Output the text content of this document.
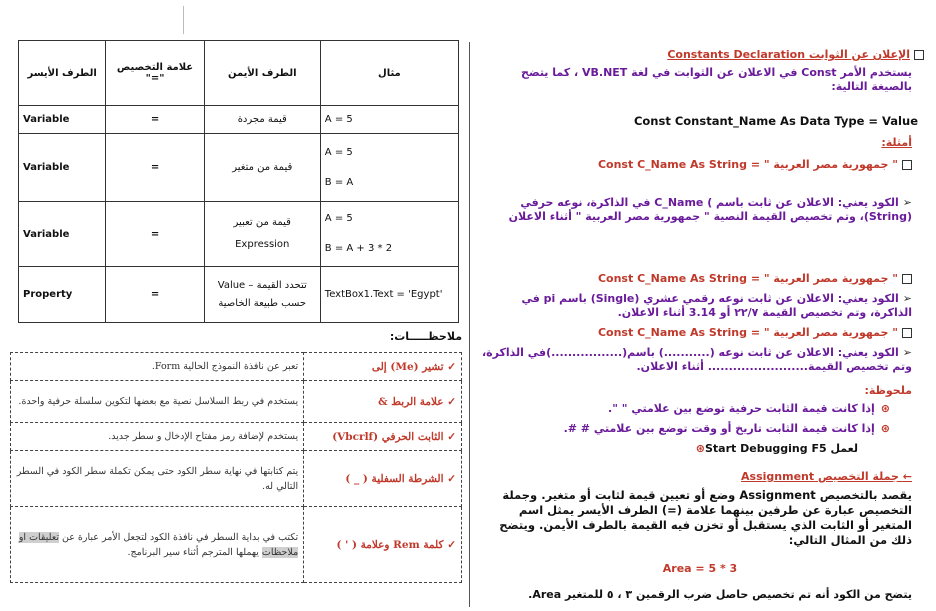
الطرف الأيسر	علامة التخصيص "="	الطرف الأيمن	مثال
Variable	=	قيمة مجردة	A = 5

Variable	=	قيمة من متغير	A = 5
B = A

Variable	=	قيمة من تعبير Expression	A = 5
B = A + 3 * 2

Property	=	تتحدد القيمة – Value حسب طبيعة الخاصية	TextBox1.Text = 'Egypt'
ملاحظـــــات:
تعبر عن نافذة النموذج الحالية Form.	✓ تشير (Me) إلى
يستخدم في ربط السلاسل نصية مع بعضها لتكوين سلسلة حرفية واحدة.	✓ علامة الربط &
يستخدم لإضافة رمز مفتاح الإدخال و سطر جديد.	✓ الثابت الحرفي (Vbcrlf)
يتم كتابتها في نهاية سطر الكود حتى يمكن تكملة سطر الكود في السطر التالي له.	✓ الشرطة السفلية ( _ )
تكتب في بداية السطر في نافذة الكود لتجعل الأمر عبارة عن تعليقات او ملاحظات يهملها المترجم أثناء سير البرنامج.	✓ كلمة Rem وعلامة ( ' )
الإعلان عن الثوابت Constants Declaration
يستخدم الأمر Const في الاعلان عن الثوابت في لغة VB.NET ، كما يتضح بالصيغة التالية:
Const Constant_Name As Data Type = Value
أمثلة:
" جمهورية مصر العربية " = Const C_Name As String
➢الكود يعني: الاعلان عن ثابت باسم ) C_Name في الذاكرة، نوعه حرفي (String)، وتم تخصيص القيمة النصية " جمهورية مصر العربية " أثناء الاعلان
" جمهورية مصر العربية " = Const C_Name As String
➢الكود يعني: الاعلان عن ثابت نوعه رقمي عشري (Single) باسم pi في الذاكرة، وتم تخصيص القيمة ٢٢/٧ أو 3.14 أثناء الاعلان.
" جمهورية مصر العربية " = Const C_Name As String
➢الكود يعني: الاعلان عن ثابت نوعه (...........) باسم(.................)في الذاكرة، وتم تخصيص القيمة........................ أثناء الاعلان.
ملحوظة:
⊛إذا كانت قيمة الثابت حرفية توضع بين علامتي " ".
⊛إذا كانت قيمة الثابت تاريخ أو وقت توضع بين علامتي # #.
لعمل Start Debugging F5⊛
← جملة التخصيص Assignment
يقصد بالتخصيص Assignment وضع أو تعيين قيمة لثابت أو متغير. وجملة التخصيص عبارة عن طرفين بينهما علامة (=) الطرف الأيسر يمثل اسم المتغير أو الثابت الذي يستقبل أو تخزن فيه القيمة بالطرف الأيمن. ويتضح ذلك من المثال التالي:
Area = 5 * 3
يتضح من الكود أنه تم تخصيص حاصل ضرب الرقمين ٣ ، ٥ للمتغير Area.
